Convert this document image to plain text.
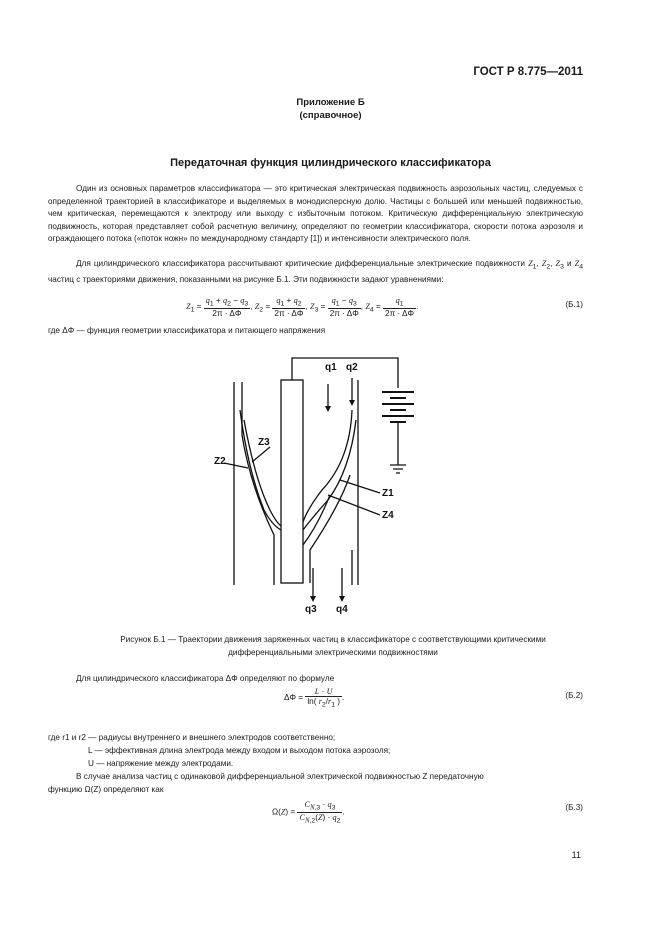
ГОСТ Р 8.775—2011
Приложение Б
(справочное)
Передаточная функция цилиндрического классификатора
Один из основных параметров классификатора — это критическая электрическая подвижность аэрозольных частиц, следуемых с определенной траекторией в классификаторе и выделяемых в монодисперсную долю. Частицы с большей или меньшей подвижностью, чем критическая, перемещаются к электроду или выходу с избыточным потоком. Критическую дифференциальную электрическую подвижность, которая представляет собой расчетную величину, определяют по геометрии классификатора, скорости потока аэрозоля и ограждающего потока («поток ножн» по международному стандарту [1]) и интенсивности электрического поля.
Для цилиндрического классификатора рассчитывают критические дифференциальные электрические подвижности $Z_1$, $Z_2$, $Z_3$ и $Z_4$ частиц с траекториями движения, показанными на рисунке Б.1. Эти подвижности задают уравнениями:
$Z_1 = \frac{q_1 + q_2 - q_3}{2\pi \cdot \Delta\Phi}$ , $Z_2 = \frac{q_1 + q_2}{2\pi \cdot \Delta\Phi}$ , $Z_3 = \frac{q_1 - q_3}{2\pi \cdot \Delta\Phi}$ , $Z_4 = \frac{q_1}{2\pi \cdot \Delta\Phi}$ .	(Б.1)
где ΔΦ — функция геометрии классификатора и питающего напряжения
q1 q2
q3 q4
Z1
Z2
Z3
Z4
Рисунок Б.1 — Траектории движения заряженных частиц в классификаторе с соответствующими критическими
дифференциальными электрическими подвижностями
Для цилиндрического классификатора ΔΦ определяют по формуле
$\Delta\Phi = \frac{L \cdot U}{\ln( r_2/r_1 )}$ .	(Б.2)
где r1 и r2 — радиусы внутреннего и внешнего электродов соответственно;
L — эффективная длина электрода между входом и выходом потока аэрозоля;
U — напряжение между электродами.
В случае анализа частиц с одинаковой дифференциальной электрической подвижностью Z передаточную
функцию Ω(Z) определяют как
$\Omega(Z) = \frac{C_{N,3} \cdot q_3}{C_{N,2}(Z) \cdot q_2}$ .	(Б.3)
11
